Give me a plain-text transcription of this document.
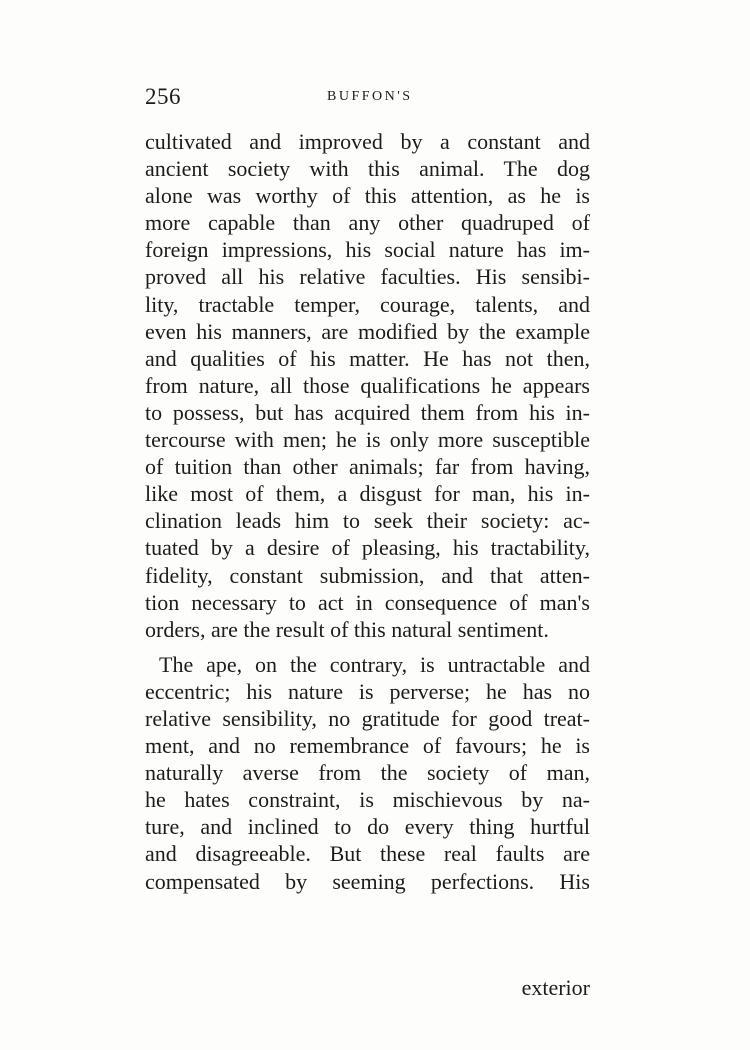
256	BUFFON'S
cultivated and improved by a constant and
ancient society with this animal. The dog
alone was worthy of this attention, as he is
more capable than any other quadruped of
foreign impressions, his social nature has im-
proved all his relative faculties. His sensibi-
lity, tractable temper, courage, talents, and
even his manners, are modified by the example
and qualities of his matter. He has not then,
from nature, all those qualifications he appears
to possess, but has acquired them from his in-
tercourse with men; he is only more susceptible
of tuition than other animals; far from having,
like most of them, a disgust for man, his in-
clination leads him to seek their society: ac-
tuated by a desire of pleasing, his tractability,
fidelity, constant submission, and that atten-
tion necessary to act in consequence of man's
orders, are the result of this natural sentiment.
The ape, on the contrary, is untractable and
eccentric; his nature is perverse; he has no
relative sensibility, no gratitude for good treat-
ment, and no remembrance of favours; he is
naturally averse from the society of man,
he hates constraint, is mischievous by na-
ture, and inclined to do every thing hurtful
and disagreeable. But these real faults are
compensated by seeming perfections. His
exterior
